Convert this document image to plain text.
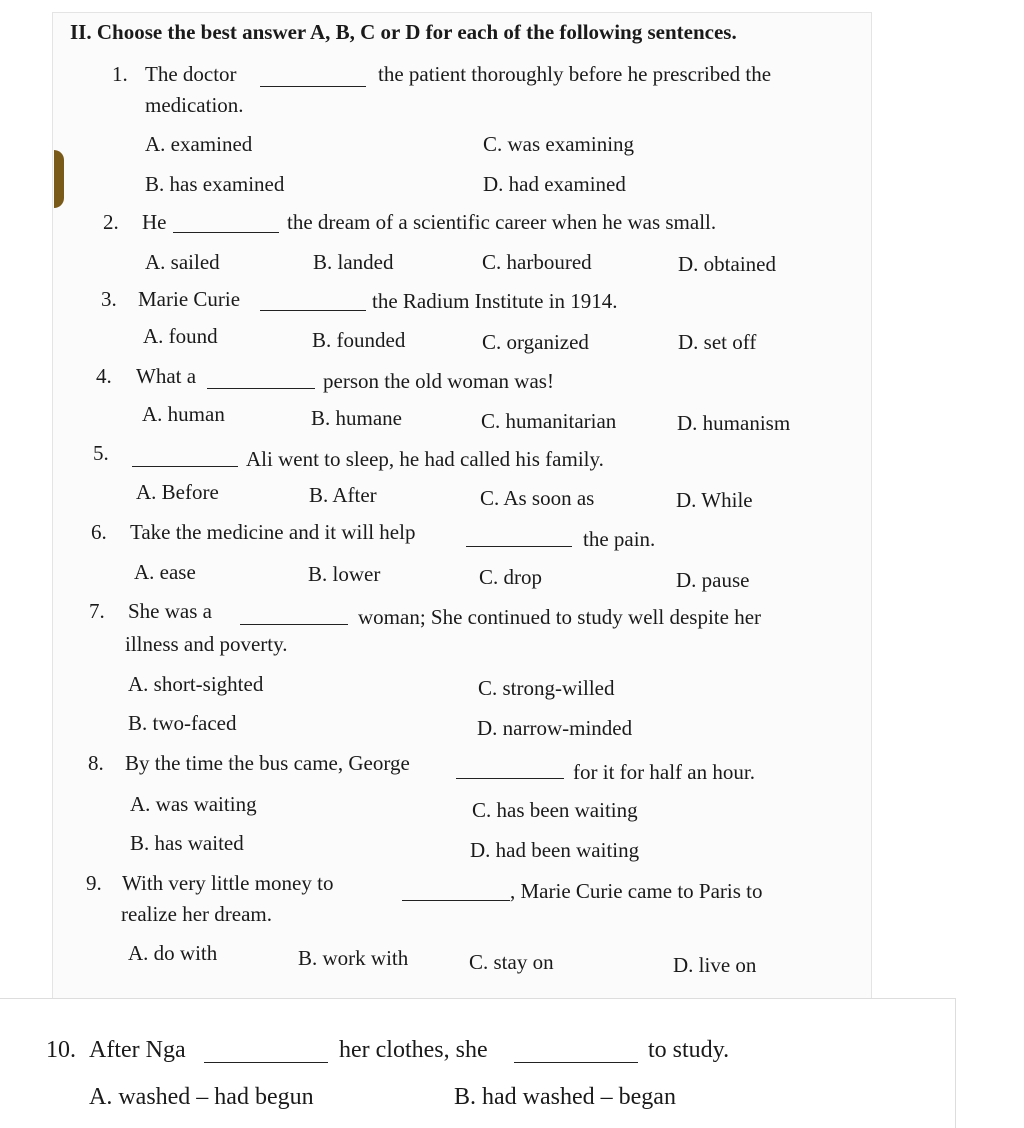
II. Choose the best answer A, B, C or D for each of the following sentences.
1. The doctor	the patient thoroughly before he prescribed the
medication.
A. examined	C. was examining
B. has examined	D. had examined
2. He	the dream of a scientific career when he was small.
A. sailed	B. landed	C. harboured	D. obtained
3. Marie Curie	the Radium Institute in 1914.
A. found	B. founded	C. organized	D. set off
4. What a	person the old woman was!
A. human	B. humane	C. humanitarian	D. humanism
5.	Ali went to sleep, he had called his family.
A. Before	B. After	C. As soon as	D. While
6. Take the medicine and it will help	the pain.
A. ease	B. lower	C. drop	D. pause
7. She was a	woman; She continued to study well despite her
illness and poverty.
A. short-sighted	C. strong-willed
B. two-faced	D. narrow-minded
8. By the time the bus came, George	for it for half an hour.
A. was waiting	C. has been waiting
B. has waited	D. had been waiting
9. With very little money to	, Marie Curie came to Paris to
realize her dream.
A. do with	B. work with	C. stay on	D. live on
10. After Nga	her clothes, she	to study.
A. washed – had begun	B. had washed – began
